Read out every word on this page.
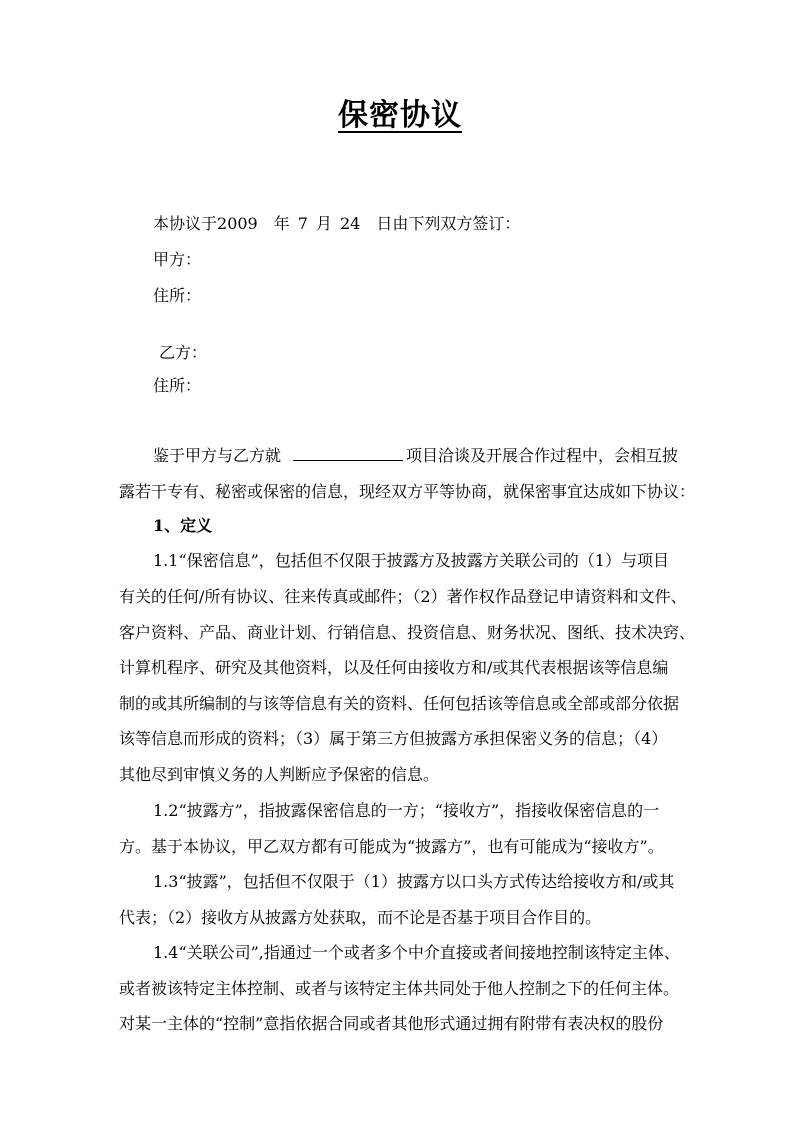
保密协议
本协议于2009 年 7 月 24 日由下列双方签订：
甲方：
住所：
乙方：
住所：
鉴于甲方与乙方就	项目洽谈及开展合作过程中，会相互披
露若干专有、秘密或保密的信息，现经双方平等协商，就保密事宜达成如下协议：
1、定义
1.1“保密信息”，包括但不仅限于披露方及披露方关联公司的（1）与项目
有关的任何/所有协议、往来传真或邮件；（2）著作权作品登记申请资料和文件、
客户资料、产品、商业计划、行销信息、投资信息、财务状况、图纸、技术决窍、
计算机程序、研究及其他资料，以及任何由接收方和/或其代表根据该等信息编
制的或其所编制的与该等信息有关的资料、任何包括该等信息或全部或部分依据
该等信息而形成的资料；（3）属于第三方但披露方承担保密义务的信息；（4）
其他尽到审慎义务的人判断应予保密的信息。
1.2“披露方”，指披露保密信息的一方；“接收方”，指接收保密信息的一
方。基于本协议，甲乙双方都有可能成为“披露方”，也有可能成为“接收方”。
1.3“披露”，包括但不仅限于（1）披露方以口头方式传达给接收方和/或其
代表；（2）接收方从披露方处获取，而不论是否基于项目合作目的。
1.4“关联公司”,指通过一个或者多个中介直接或者间接地控制该特定主体、
或者被该特定主体控制、或者与该特定主体共同处于他人控制之下的任何主体。
对某一主体的“控制”意指依据合同或者其他形式通过拥有附带有表决权的股份
